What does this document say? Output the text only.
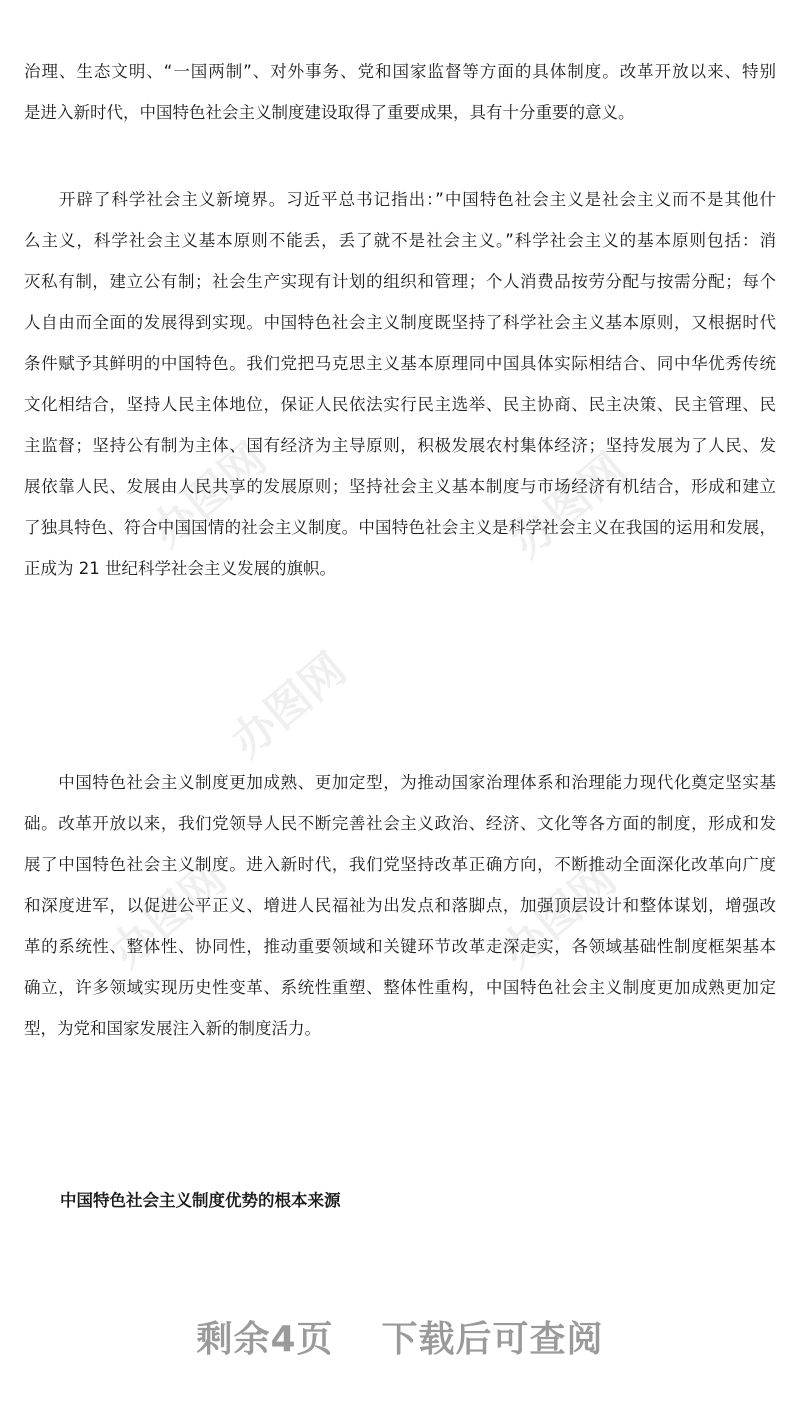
办图网	办图网
办图网
办图网	办图网

治理、生态文明、“一国两制”、对外事务、党和国家监督等方面的具体制度。改革开放以来、特别
是进入新时代，中国特色社会主义制度建设取得了重要成果，具有十分重要的意义。

　　开辟了科学社会主义新境界。习近平总书记指出：”中国特色社会主义是社会主义而不是其他什
么主义，科学社会主义基本原则不能丢，丢了就不是社会主义。”科学社会主义的基本原则包括：消
灭私有制，建立公有制；社会生产实现有计划的组织和管理；个人消费品按劳分配与按需分配；每个
人自由而全面的发展得到实现。中国特色社会主义制度既坚持了科学社会主义基本原则，又根据时代
条件赋予其鲜明的中国特色。我们党把马克思主义基本原理同中国具体实际相结合、同中华优秀传统
文化相结合，坚持人民主体地位，保证人民依法实行民主选举、民主协商、民主决策、民主管理、民
主监督；坚持公有制为主体、国有经济为主导原则，积极发展农村集体经济；坚持发展为了人民、发
展依靠人民、发展由人民共享的发展原则；坚持社会主义基本制度与市场经济有机结合，形成和建立
了独具特色、符合中国国情的社会主义制度。中国特色社会主义是科学社会主义在我国的运用和发展，
正成为 21 世纪科学社会主义发展的旗帜。

　　中国特色社会主义制度更加成熟、更加定型，为推动国家治理体系和治理能力现代化奠定坚实基
础。改革开放以来，我们党领导人民不断完善社会主义政治、经济、文化等各方面的制度，形成和发
展了中国特色社会主义制度。进入新时代，我们党坚持改革正确方向，不断推动全面深化改革向广度
和深度进军，以促进公平正义、增进人民福祉为出发点和落脚点，加强顶层设计和整体谋划，增强改
革的系统性、整体性、协同性，推动重要领域和关键环节改革走深走实，各领域基础性制度框架基本
确立，许多领域实现历史性变革、系统性重塑、整体性重构，中国特色社会主义制度更加成熟更加定
型，为党和国家发展注入新的制度活力。

中国特色社会主义制度优势的根本来源
剩余4页 下载后可查阅
